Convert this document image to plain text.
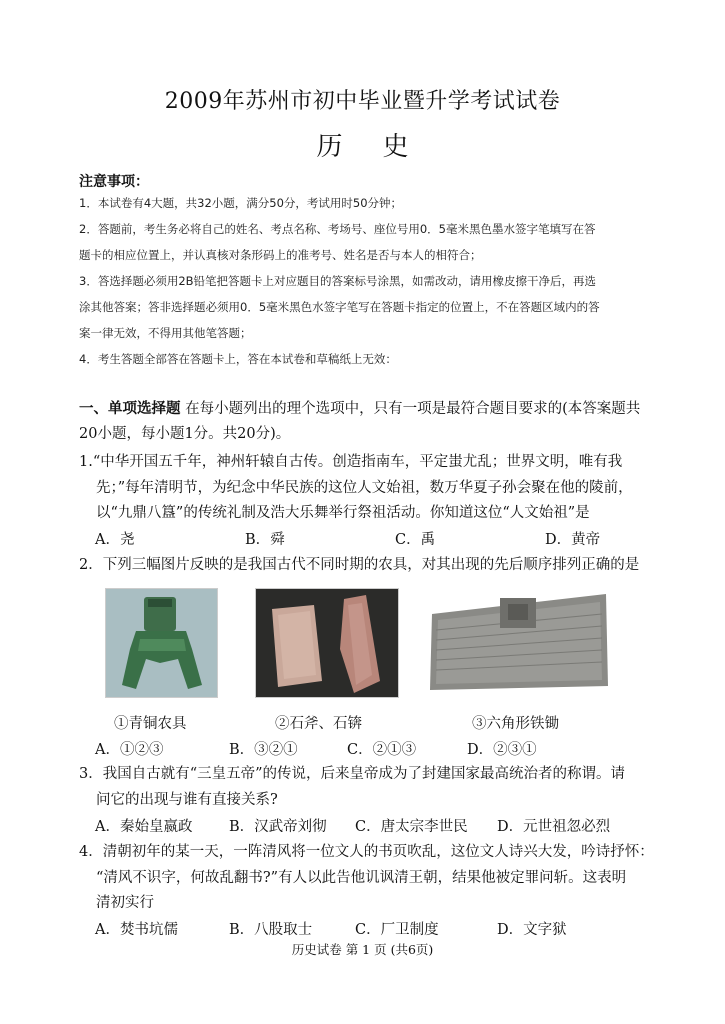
2009年苏州市初中毕业暨升学考试试卷
历史
注意事项：
1．本试卷有4大题，共32小题，满分50分，考试用时50分钟；
2．答题前，考生务必将自己的姓名、考点名称、考场号、座位号用0．5毫米黑色墨水签字笔填写在答
题卡的相应位置上，并认真核对条形码上的准考号、姓名是否与本人的相符合；
3．答选择题必须用2B铅笔把答题卡上对应题目的答案标号涂黑，如需改动，请用橡皮擦干净后，再选
涂其他答案；答非选择题必须用0．5毫米黑色水签字笔写在答题卡指定的位置上，不在答题区域内的答
案一律无效，不得用其他笔答题；
4．考生答题全部答在答题卡上，答在本试卷和草稿纸上无效：
一、单项选择题 在每小题列出的理个选项中，只有一项是最符合题目要求的(本答案题共
20小题，每小题1分。共20分)。
1.“中华开国五千年，神州轩辕自古传。创造指南车，平定蚩尤乱；世界文明，唯有我
先；”每年清明节，为纪念中华民族的这位人文始祖，数万华夏子孙会聚在他的陵前，
以“九鼎八簋”的传统礼制及浩大乐舞举行祭祖活动。你知道这位“人文始祖”是
A．尧	B．舜	C．禹	D．黄帝
2．下列三幅图片反映的是我国古代不同时期的农具，对其出现的先后顺序排列正确的是
①青铜农具	②石斧、石锛	③六角形铁锄
A．①②③	B．③②①	C．②①③	D．②③①
3．我国自古就有“三皇五帝”的传说，后来皇帝成为了封建国家最高统治者的称谓。请
问它的出现与谁有直接关系?
A．秦始皇嬴政	B．汉武帝刘彻	C．唐太宗李世民	D．元世祖忽必烈
4．清朝初年的某一天，一阵清风将一位文人的书页吹乱，这位文人诗兴大发，吟诗抒怀：
“清风不识字，何故乱翻书?”有人以此告他讥讽清王朝，结果他被定罪问斩。这表明
清初实行
A．焚书坑儒	B．八股取士	C．厂卫制度	D．文字狱
历史试卷 第 1 页 (共6页)
